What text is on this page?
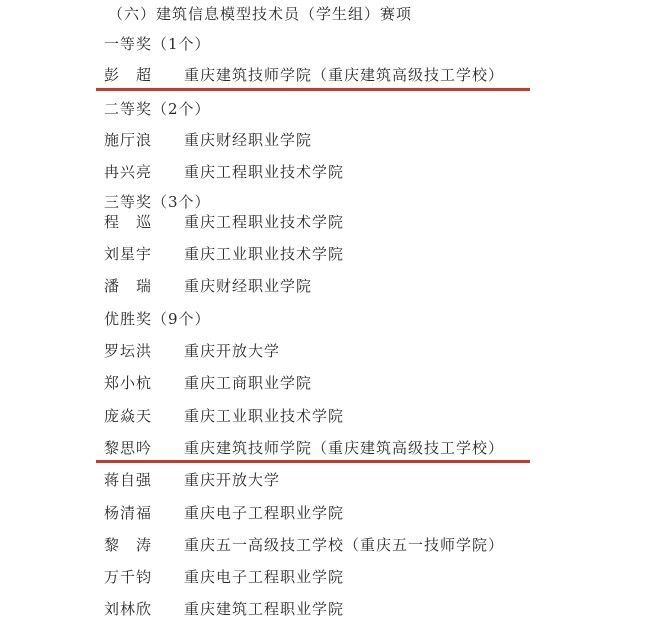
（六）建筑信息模型技术员（学生组）赛项
一等奖（1个）
彭　超	重庆建筑技师学院（重庆建筑高级技工学校）
二等奖（2个）
施厅浪	重庆财经职业学院
冉兴亮	重庆工程职业技术学院
三等奖（3个）
程　巡	重庆工程职业技术学院
刘星宇	重庆工业职业技术学院
潘　瑞	重庆财经职业学院
优胜奖（9个）
罗坛洪	重庆开放大学
郑小杭	重庆工商职业学院
庞焱天	重庆工业职业技术学院
黎思吟	重庆建筑技师学院（重庆建筑高级技工学校）
蒋自强	重庆开放大学
杨清福	重庆电子工程职业学院
黎　涛	重庆五一高级技工学校（重庆五一技师学院）
万千钧	重庆电子工程职业学院
刘林欣	重庆建筑工程职业学院
